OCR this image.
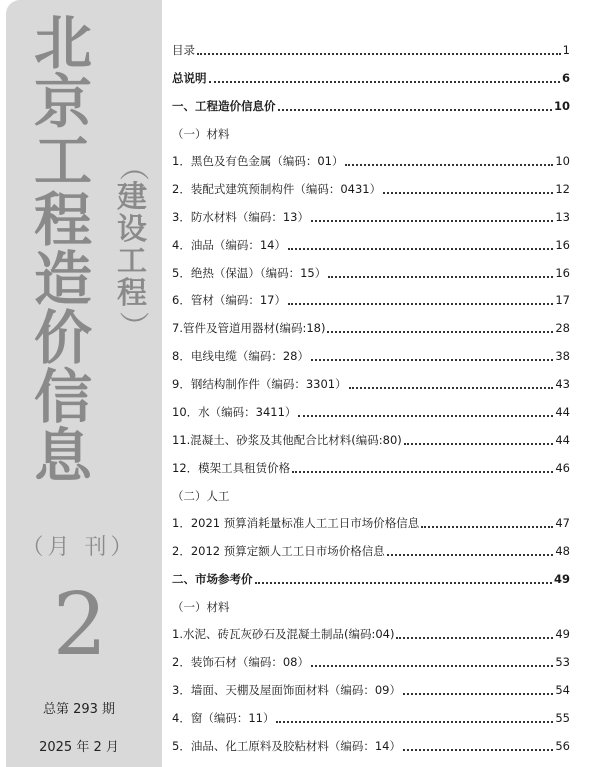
北
京
工
程
造
价
信
息
（
建
设
工
程
）
（月 刊）
2
总第 293 期
2025 年 2 月
目录	1
总说明	6
一、工程造价信息价	10
（一）材料
1．黑色及有色金属（编码：01）	10
2．装配式建筑预制构件（编码：0431）	12
3．防水材料（编码：13）	13
4．油品（编码：14）	16
5．绝热（保温）（编码：15）	16
6．管材（编码：17）	17
7.管件及管道用器材(编码:18)	28
8．电线电缆（编码：28）	38
9．钢结构制作件（编码：3301）	43
10．水（编码：3411）	44
11.混凝土、砂浆及其他配合比材料(编码:80)	44
12．模架工具租赁价格	46
（二）人工
1．2021 预算消耗量标准人工工日市场价格信息	47
2．2012 预算定额人工工日市场价格信息	48
二、市场参考价	49
（一）材料
1.水泥、砖瓦灰砂石及混凝土制品(编码:04)	49
2．装饰石材（编码：08）	53
3．墙面、天棚及屋面饰面材料（编码：09）	54
4．窗（编码：11）	55
5．油品、化工原料及胶粘材料（编码：14）	56
